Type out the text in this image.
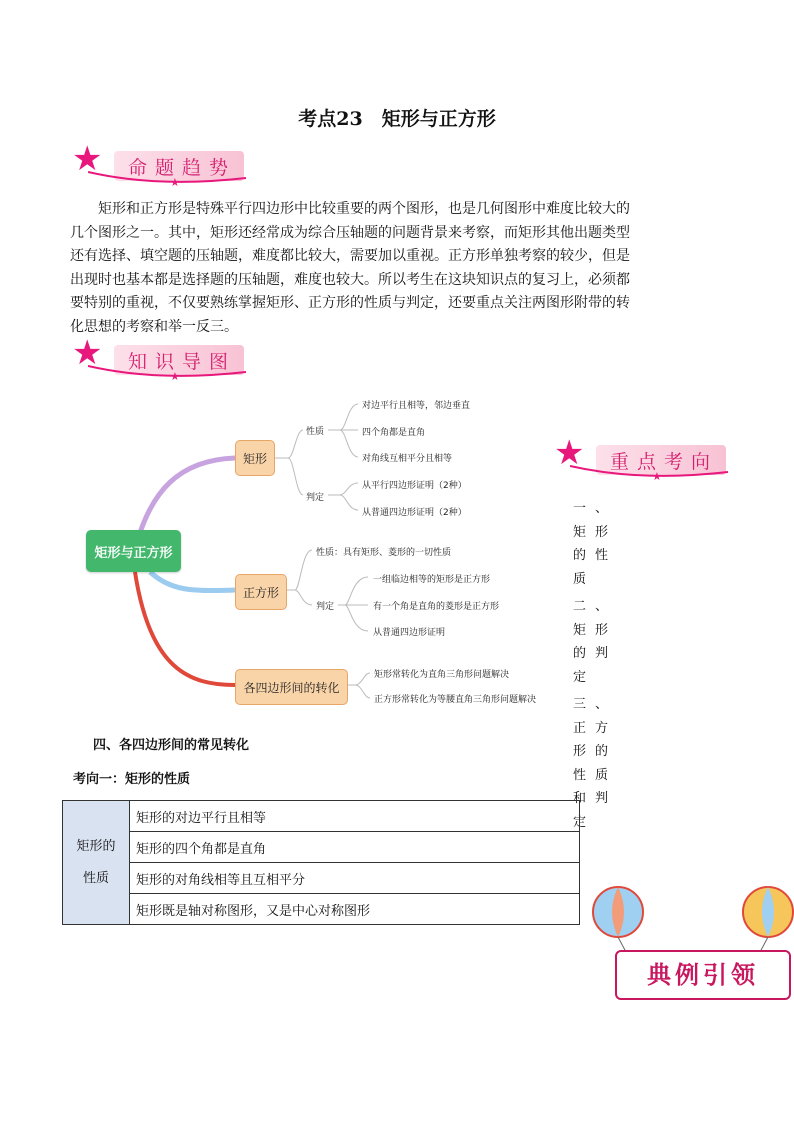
考点23　矩形与正方形
★
★
命题趋势
矩形和正方形是特殊平行四边形中比较重要的两个图形，也是几何图形中难度比较大的几个图形之一。其中，矩形还经常成为综合压轴题的问题背景来考察，而矩形其他出题类型还有选择、填空题的压轴题，难度都比较大，需要加以重视。正方形单独考察的较少，但是出现时也基本都是选择题的压轴题，难度也较大。所以考生在这块知识点的复习上，必须都要特别的重视，不仅要熟练掌握矩形、正方形的性质与判定，还要重点关注两图形附带的转化思想的考察和举一反三。
★
★
知识导图
★
★
重点考向
矩形与正方形
矩形
正方形
各四边形间的转化
性质
判定
对边平行且相等，邻边垂直
四个角都是直角
对角线互相平分且相等
从平行四边形证明（2种）
从普通四边形证明（2种）
性质：具有矩形、菱形的一切性质
判定
一组临边相等的矩形是正方形
有一个角是直角的菱形是正方形
从普通四边形证明
矩形常转化为直角三角形问题解决
正方形常转化为等腰直角三角形问题解决

一、矩形的性质

二、矩形的判定

三、正方形的性质和判定

四、各四边形间的常见转化
考向一：矩形的性质
矩形的
性质
	矩形的对边平行且相等
矩形的四个角都是直角
矩形的对角线相等且互相平分
矩形既是轴对称图形，又是中心对称图形
典例引领
